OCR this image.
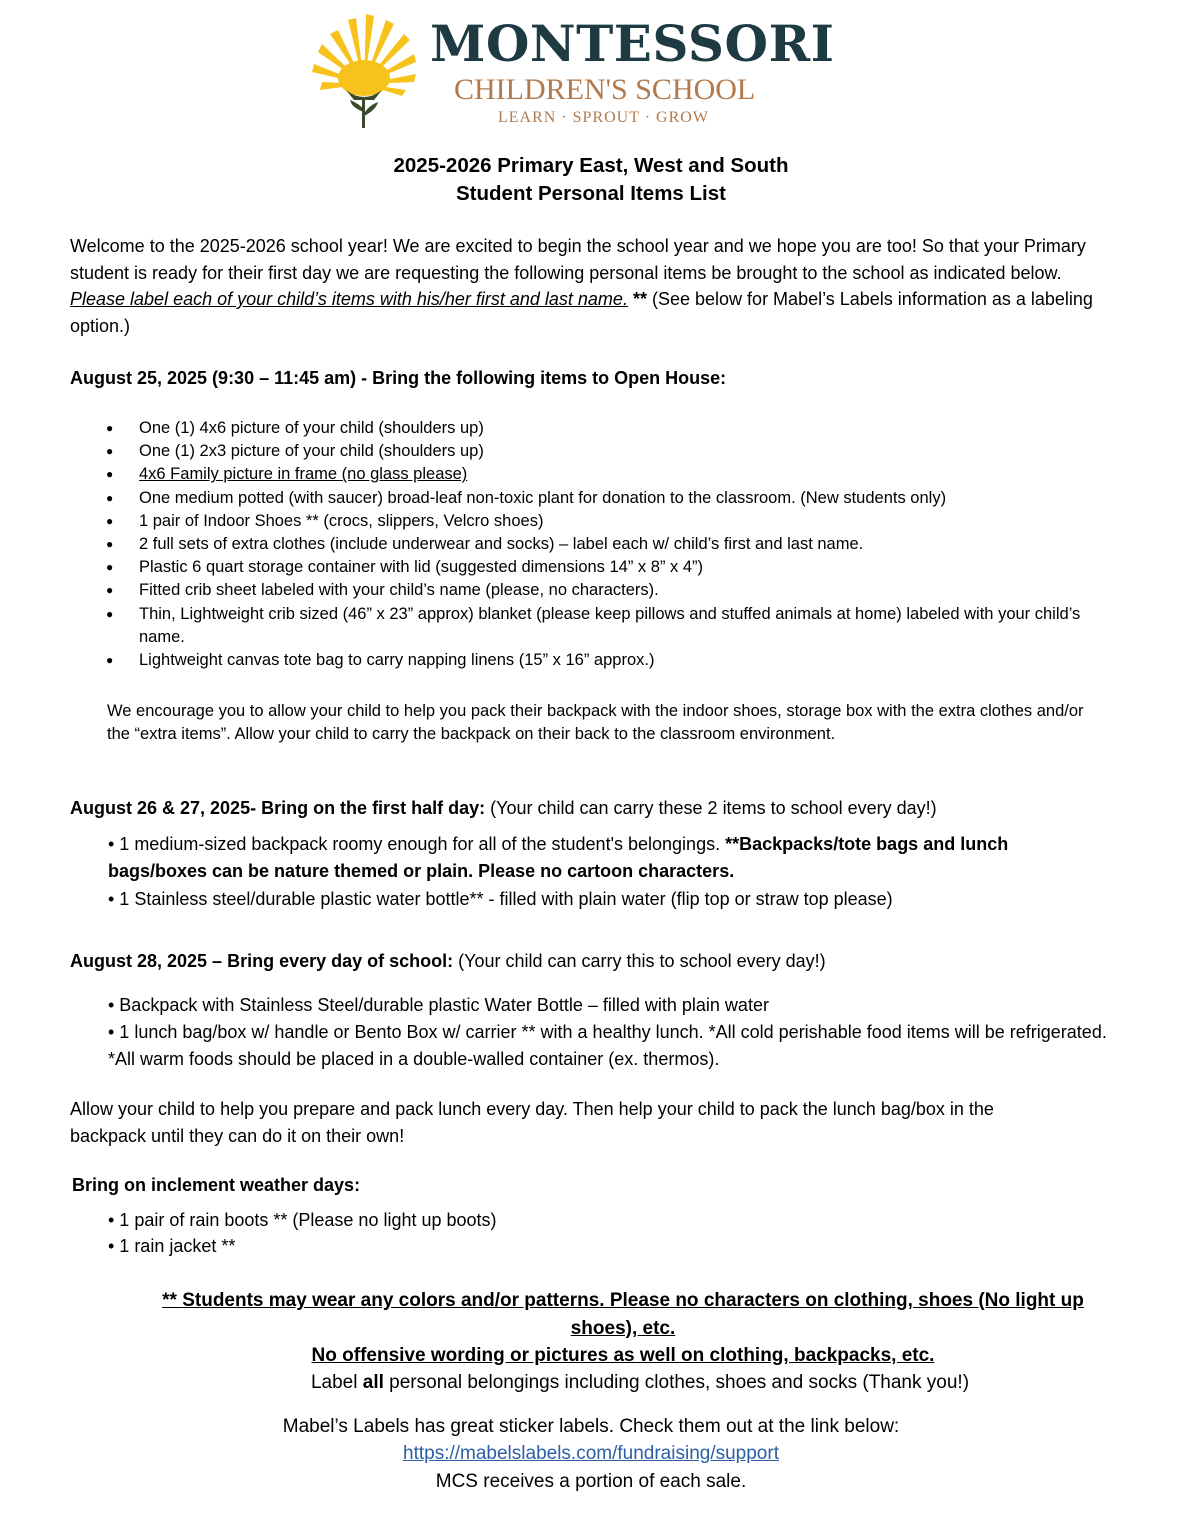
MONTESSORI
CHILDREN'S SCHOOL
LEARN · SPROUT · GROW
2025-2026 Primary East, West and South
Student Personal Items List
Welcome to the 2025-2026 school year! We are excited to begin the school year and we hope you are too! So that your Primary student is ready for their first day we are requesting the following personal items be brought to the school as indicated below. Please label each of your child’s items with his/her first and last name. ** (See below for Mabel’s Labels information as a labeling option.)
August 25, 2025 (9:30 – 11:45 am) - Bring the following items to Open House:
● One (1) 4x6 picture of your child (shoulders up)
● One (1) 2x3 picture of your child (shoulders up)
● 4x6 Family picture in frame (no glass please)
● One medium potted (with saucer) broad-leaf non-toxic plant for donation to the classroom. (New students only)
● 1 pair of Indoor Shoes ** (crocs, slippers, Velcro shoes)
● 2 full sets of extra clothes (include underwear and socks) – label each w/ child’s first and last name.
● Plastic 6 quart storage container with lid (suggested dimensions 14” x 8” x 4”)
● Fitted crib sheet labeled with your child’s name (please, no characters).
● Thin, Lightweight crib sized (46” x 23” approx) blanket (please keep pillows and stuffed animals at home) labeled with your child’s name.
● Lightweight canvas tote bag to carry napping linens (15” x 16” approx.)
We encourage you to allow your child to help you pack their backpack with the indoor shoes, storage box with the extra clothes and/or the “extra items”. Allow your child to carry the backpack on their back to the classroom environment.
August 26 & 27, 2025- Bring on the first half day: (Your child can carry these 2 items to school every day!)
• 1 medium-sized backpack roomy enough for all of the student's belongings. **Backpacks/tote bags and lunch bags/boxes can be nature themed or plain. Please no cartoon characters.
• 1 Stainless steel/durable plastic water bottle** - filled with plain water (flip top or straw top please)
August 28, 2025 – Bring every day of school: (Your child can carry this to school every day!)
• Backpack with Stainless Steel/durable plastic Water Bottle – filled with plain water
• 1 lunch bag/box w/ handle or Bento Box w/ carrier ** with a healthy lunch. *All cold perishable food items will be refrigerated. *All warm foods should be placed in a double-walled container (ex. thermos).
Allow your child to help you prepare and pack lunch every day. Then help your child to pack the lunch bag/box in the backpack until they can do it on their own!
Bring on inclement weather days:
• 1 pair of rain boots ** (Please no light up boots)
• 1 rain jacket **
** Students may wear any colors and/or patterns. Please no characters on clothing, shoes (No light up shoes), etc.
No offensive wording or pictures as well on clothing, backpacks, etc.
Label all personal belongings including clothes, shoes and socks (Thank you!)
Mabel’s Labels has great sticker labels. Check them out at the link below:
https://mabelslabels.com/fundraising/support
MCS receives a portion of each sale.
